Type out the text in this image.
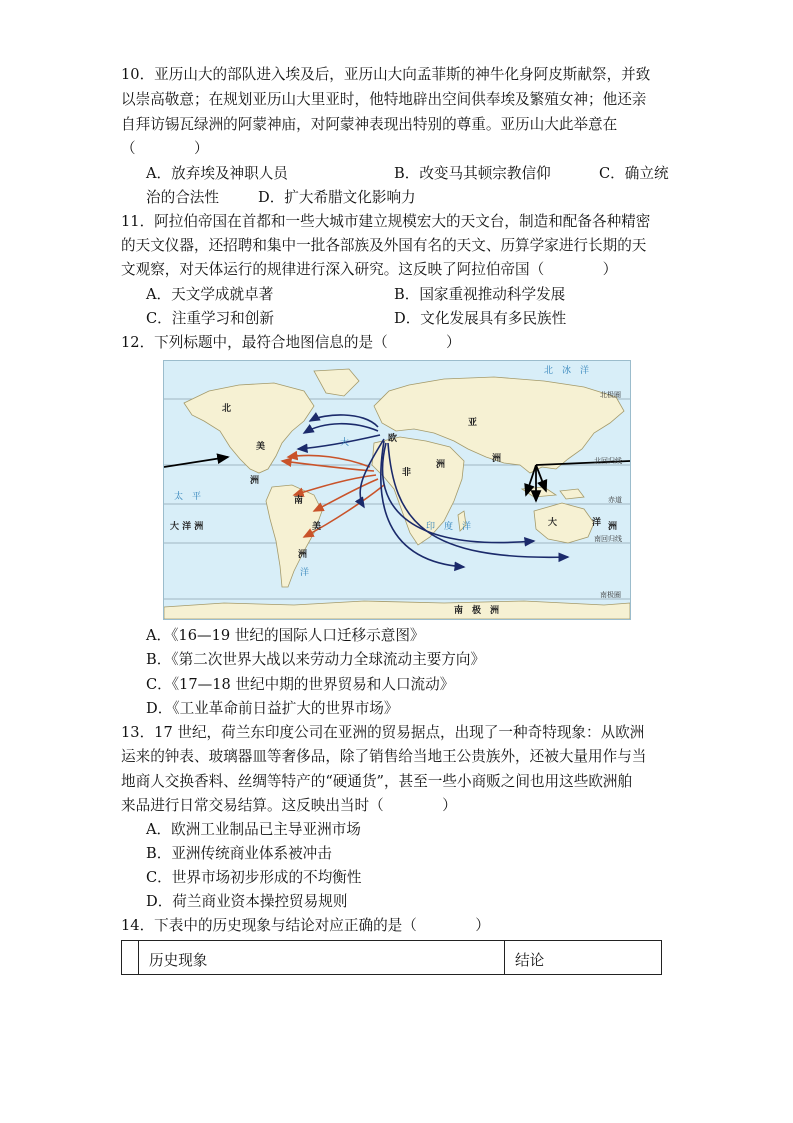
10．亚历山大的部队进入埃及后，亚历山大向孟菲斯的神牛化身阿皮斯献祭，并致
以崇高敬意；在规划亚历山大里亚时，他特地辟出空间供奉埃及繁殖女神；他还亲
自拜访锡瓦绿洲的阿蒙神庙，对阿蒙神表现出特别的尊重。亚历山大此举意在
（　　　　）
A．放弃埃及神职人员	B．改变马其顿宗教信仰	C．确立统
治的合法性	D．扩大希腊文化影响力
11．阿拉伯帝国在首都和一些大城市建立规模宏大的天文台，制造和配备各种精密
的天文仪器，还招聘和集中一批各部族及外国有名的天文、历算学家进行长期的天
文观察，对天体运行的规律进行深入研究。这反映了阿拉伯帝国（　　　　）
A．天文学成就卓著	B．国家重视推动科学发展
C．注重学习和创新	D．文化发展具有多民族性
12．下列标题中，最符合地图信息的是（　　　　）
北
美
洲
南
美
洲
欧
亚
洲
非
洲
大	洋 洲
大 洋 洲
南　极　洲
大
太　平
洋
印　度　洋
北　冰　洋
北极圈
北回归线
赤道
南回归线
南极圈
A．《16—19 世纪的国际人口迁移示意图》
B．《第二次世界大战以来劳动力全球流动主要方向》
C．《17—18 世纪中期的世界贸易和人口流动》
D．《工业革命前日益扩大的世界市场》
13．17 世纪，荷兰东印度公司在亚洲的贸易据点，出现了一种奇特现象：从欧洲
运来的钟表、玻璃器皿等奢侈品，除了销售给当地王公贵族外，还被大量用作与当
地商人交换香料、丝绸等特产的“硬通货”，甚至一些小商贩之间也用这些欧洲舶
来品进行日常交易结算。这反映出当时（　　　　）
A．欧洲工业制品已主导亚洲市场
B．亚洲传统商业体系被冲击
C．世界市场初步形成的不均衡性
D．荷兰商业资本操控贸易规则
14．下表中的历史现象与结论对应正确的是（　　　　）
	历史现象	结论
